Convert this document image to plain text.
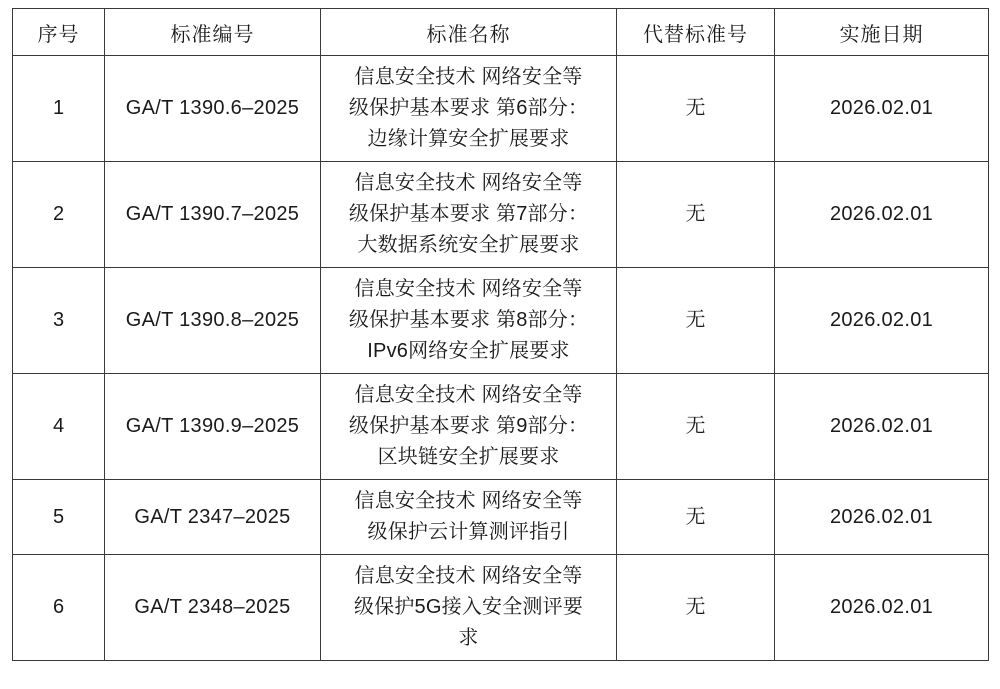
序号	标准编号	标准名称	代替标准号	实施日期
1	GA/T 1390.6–2025	信息安全技术 网络安全等
级保护基本要求 第6部分：
边缘计算安全扩展要求	无	2026.02.01
2	GA/T 1390.7–2025	信息安全技术 网络安全等
级保护基本要求 第7部分：
大数据系统安全扩展要求	无	2026.02.01
3	GA/T 1390.8–2025	信息安全技术 网络安全等
级保护基本要求 第8部分：
IPv6网络安全扩展要求	无	2026.02.01
4	GA/T 1390.9–2025	信息安全技术 网络安全等
级保护基本要求 第9部分：
区块链安全扩展要求	无	2026.02.01
5	GA/T 2347–2025	信息安全技术 网络安全等
级保护云计算测评指引	无	2026.02.01
6	GA/T 2348–2025	信息安全技术 网络安全等
级保护5G接入安全测评要
求	无	2026.02.01
